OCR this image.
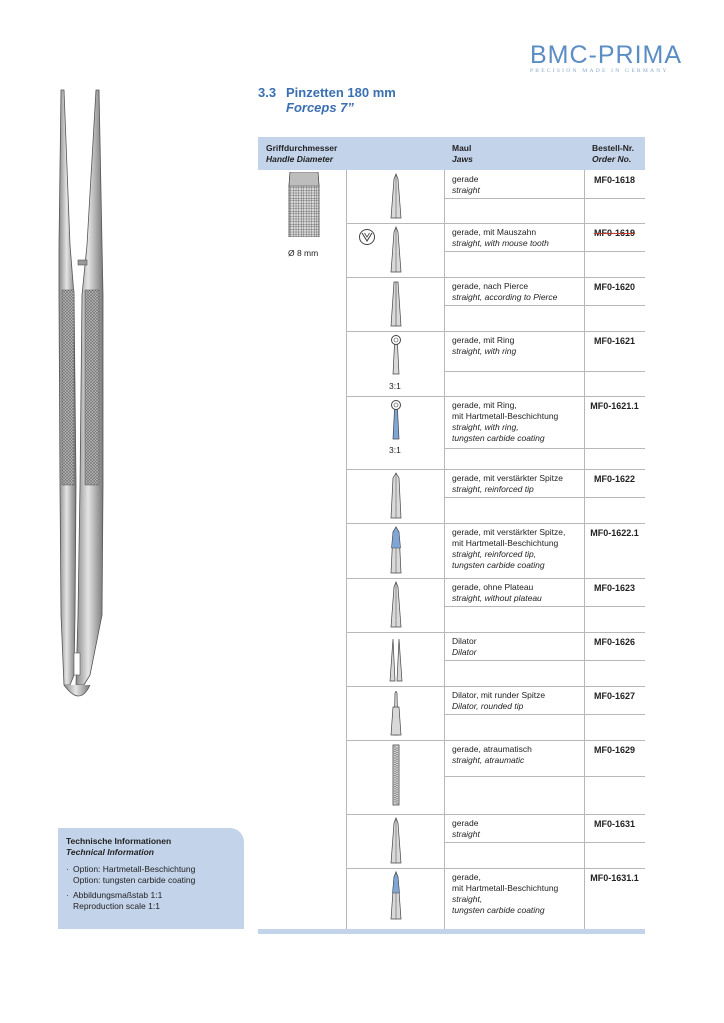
BMC-PRIMA
PRECISION MADE IN GERMANY
3.3 Pinzetten 180 mm
Forceps 7”
Technische Informationen
Technical Information
· Option: Hartmetall-Beschichtung
Option: tungsten carbide coating
· Abbildungsmaßstab 1:1
Reproduction scale 1:1
Griffdurchmesser
Handle Diameter
Maul
Jaws
Bestell-Nr.
Order No.
gerade
straight
MF0-1618
gerade, mit Mauszahn
straight, with mouse tooth
MF0-1619
gerade, nach Pierce
straight, according to Pierce
MF0-1620
gerade, mit Ring
straight, with ring
MF0-1621
3:1
gerade, mit Ring,
mit Hartmetall-Beschichtung
straight, with ring,
tungsten carbide coating
MF0-1621.1
3:1
gerade, mit verstärkter Spitze
straight, reinforced tip
MF0-1622
gerade, mit verstärkter Spitze,
mit Hartmetall-Beschichtung
straight, reinforced tip,
tungsten carbide coating
MF0-1622.1
gerade, ohne Plateau
straight, without plateau
MF0-1623
Dilator
Dilator
MF0-1626
Dilator, mit runder Spitze
Dilator, rounded tip
MF0-1627
gerade, atraumatisch
straight, atraumatic
MF0-1629
gerade
straight
MF0-1631
gerade,
mit Hartmetall-Beschichtung
straight,
tungsten carbide coating
MF0-1631.1
Ø 8 mm
